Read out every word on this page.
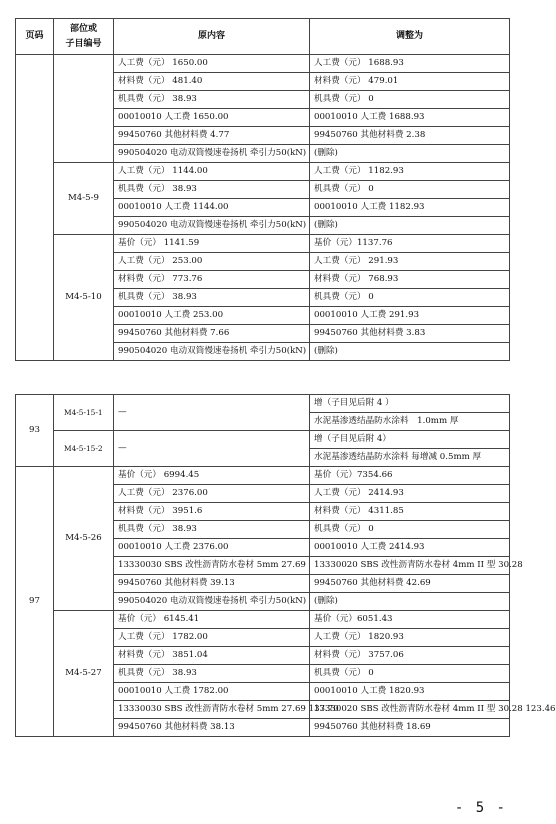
页码	部位或
子目编号	原内容	调整为
		人工费（元） 1650.00	人工费（元） 1688.93
		材料费（元） 481.40	材料费（元） 479.01
		机具费（元） 38.93	机具费（元） 0
		00010010 人工费 1650.00	00010010 人工费 1688.93
		99450760 其他材料费 4.77	99450760 其他材料费 2.38
		990504020 电动双筒慢速卷扬机 牵引力50(kN)	(删除)
	M4-5-9	人工费（元） 1144.00	人工费（元） 1182.93
		机具费（元） 38.93	机具费（元） 0
		00010010 人工费 1144.00	00010010 人工费 1182.93
		990504020 电动双筒慢速卷扬机 牵引力50(kN)	(删除)
	M4-5-10	基价（元） 1141.59	基价（元）1137.76
		人工费（元） 253.00	人工费（元） 291.93
		材料费（元） 773.76	材料费（元） 768.93
		机具费（元） 38.93	机具费（元） 0
		00010010 人工费 253.00	00010010 人工费 291.93
		99450760 其他材料费 7.66	99450760 其他材料费 3.83
		990504020 电动双筒慢速卷扬机 牵引力50(kN)	(删除)
93	M4-5-15-1	—	增（子目见后附 4 ）
			水泥基渗透结晶防水涂料　1.0mm 厚
	M4-5-15-2	—	增（子目见后附 4）
			水泥基渗透结晶防水涂料 每增减 0.5mm 厚
97	M4-5-26	基价（元） 6994.45	基价（元）7354.66
		人工费（元） 2376.00	人工费（元） 2414.93
		材料费（元） 3951.6	材料费（元） 4311.85
		机具费（元） 38.93	机具费（元） 0
		00010010 人工费 2376.00	00010010 人工费 2414.93
		13330030 SBS 改性沥青防水卷材 5mm 27.69	13330020 SBS 改性沥青防水卷材 4mm II 型 30.28
		99450760 其他材料费 39.13	99450760 其他材料费 42.69
		990504020 电动双筒慢速卷扬机 牵引力50(kN)	(删除)
	M4-5-27	基价（元） 6145.41	基价（元）6051.43
		人工费（元） 1782.00	人工费（元） 1820.93
		材料费（元） 3851.04	材料费（元） 3757.06
		机具费（元） 38.93	机具费（元） 0
		00010010 人工费 1782.00	00010010 人工费 1820.93
		13330030 SBS 改性沥青防水卷材 5mm 27.69 137.70	13330020 SBS 改性沥青防水卷材 4mm II 型 30.28 123.46
		99450760 其他材料费 38.13	99450760 其他材料费 18.69
- 5 -
